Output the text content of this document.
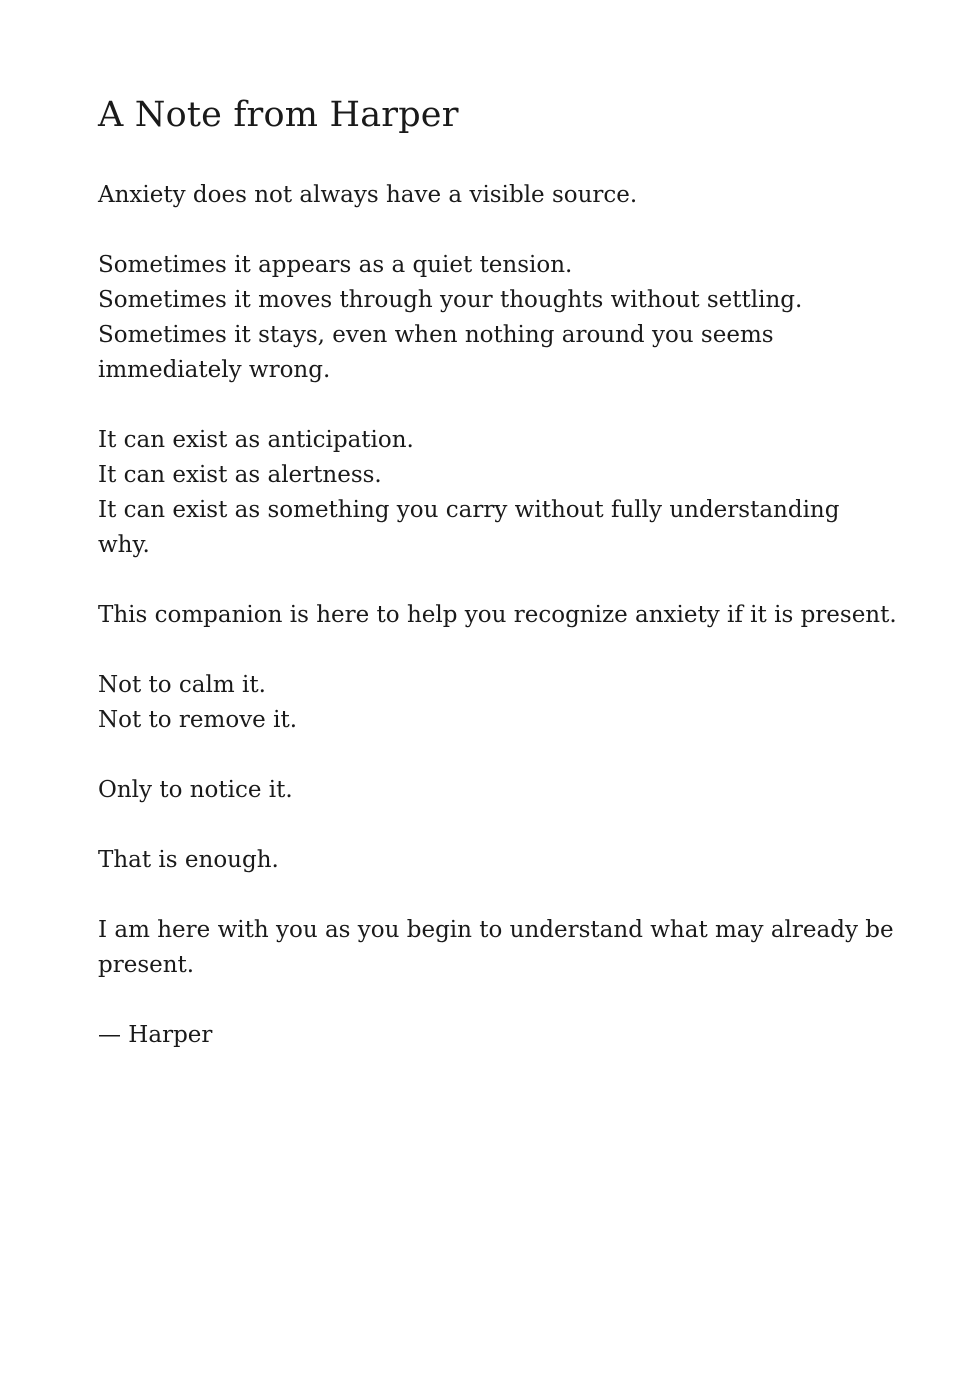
A Note from Harper
Anxiety does not always have a visible source.
Sometimes it appears as a quiet tension.
Sometimes it moves through your thoughts without settling.
Sometimes it stays, even when nothing around you seems immediately wrong.
It can exist as anticipation.
It can exist as alertness.
It can exist as something you carry without fully understanding why.
This companion is here to help you recognize anxiety if it is present.
Not to calm it.
Not to remove it.
Only to notice it.
That is enough.
I am here with you as you begin to understand what may already be present.

— Harper
